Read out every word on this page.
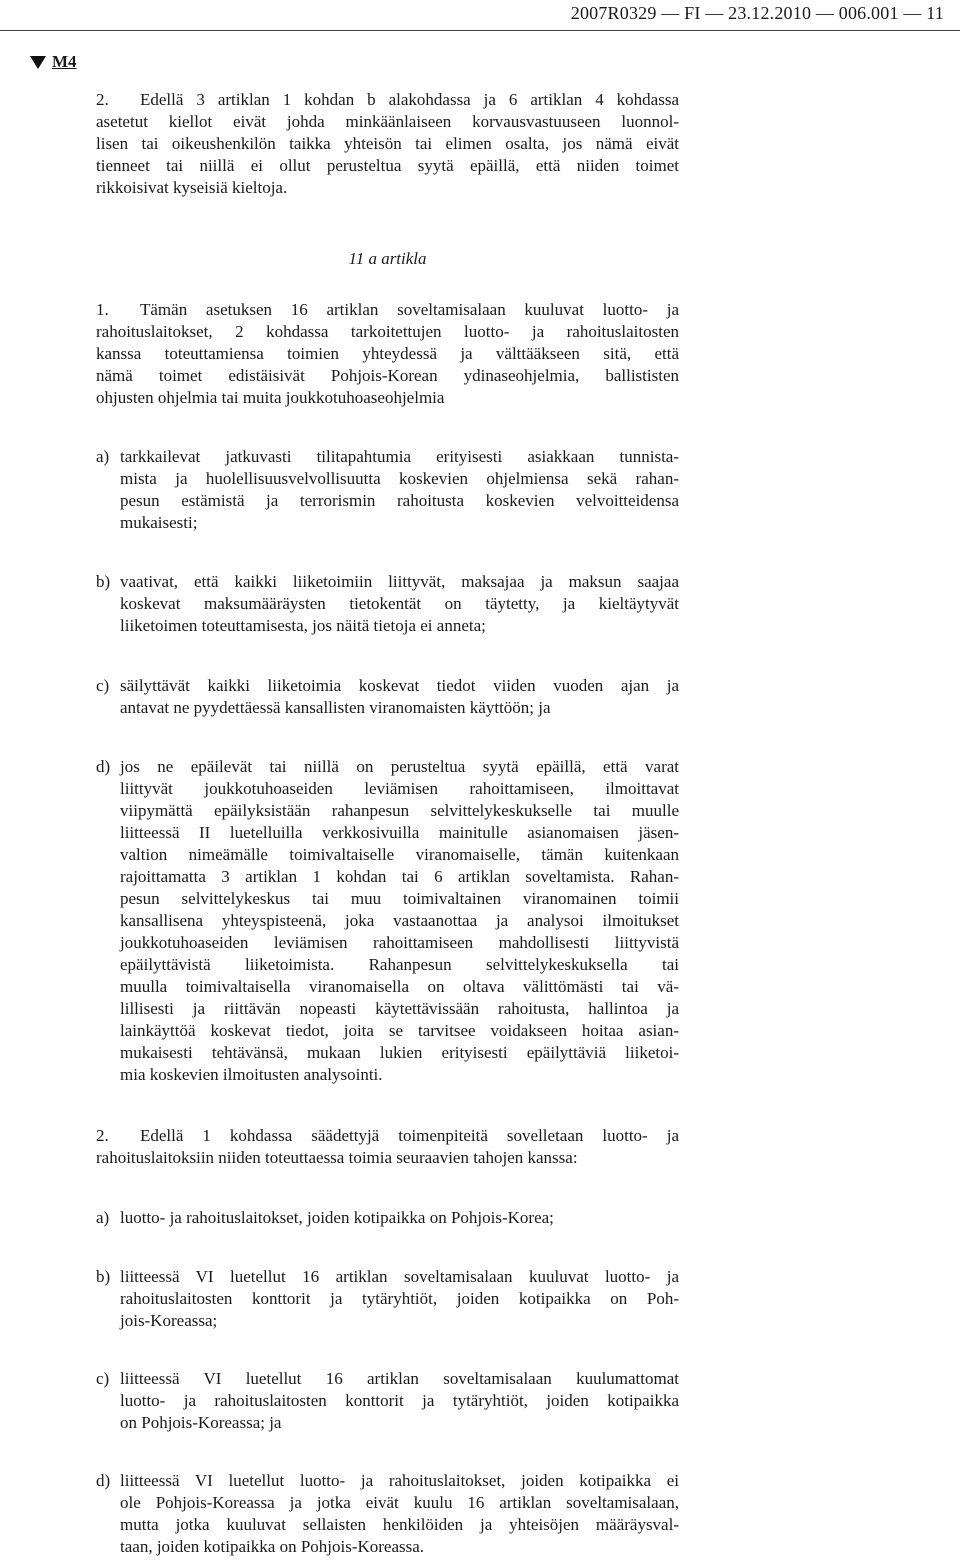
2007R0329 — FI — 23.12.2010 — 006.001 — 11
M4
2.	Edellä 3 artiklan 1 kohdan b alakohdassa ja 6 artiklan 4 kohdassa
asetetut kiellot eivät johda minkäänlaiseen korvausvastuuseen luonnol-
lisen tai oikeushenkilön taikka yhteisön tai elimen osalta, jos nämä eivät
tienneet tai niillä ei ollut perusteltua syytä epäillä, että niiden toimet
rikkoisivat kyseisiä kieltoja.
11 a artikla
1.	Tämän asetuksen 16 artiklan soveltamisalaan kuuluvat luotto- ja
rahoituslaitokset, 2 kohdassa tarkoitettujen luotto- ja rahoituslaitosten
kanssa toteuttamiensa toimien yhteydessä ja välttääkseen sitä, että
nämä toimet edistäisivät Pohjois-Korean ydinaseohjelmia, ballististen
ohjusten ohjelmia tai muita joukkotuhoaseohjelmia
a) tarkkailevat jatkuvasti tilitapahtumia erityisesti asiakkaan tunnista-
mista ja huolellisuusvelvollisuutta koskevien ohjelmiensa sekä rahan-
pesun estämistä ja terrorismin rahoitusta koskevien velvoitteidensa
mukaisesti;
b) vaativat, että kaikki liiketoimiin liittyvät, maksajaa ja maksun saajaa
koskevat maksumääräysten tietokentät on täytetty, ja kieltäytyvät
liiketoimen toteuttamisesta, jos näitä tietoja ei anneta;
c) säilyttävät kaikki liiketoimia koskevat tiedot viiden vuoden ajan ja
antavat ne pyydettäessä kansallisten viranomaisten käyttöön; ja
d) jos ne epäilevät tai niillä on perusteltua syytä epäillä, että varat
liittyvät joukkotuhoaseiden leviämisen rahoittamiseen, ilmoittavat
viipymättä epäilyksistään rahanpesun selvittelykeskukselle tai muulle
liitteessä II luetelluilla verkkosivuilla mainitulle asianomaisen jäsen-
valtion nimeämälle toimivaltaiselle viranomaiselle, tämän kuitenkaan
rajoittamatta 3 artiklan 1 kohdan tai 6 artiklan soveltamista. Rahan-
pesun selvittelykeskus tai muu toimivaltainen viranomainen toimii
kansallisena yhteyspisteenä, joka vastaanottaa ja analysoi ilmoitukset
joukkotuhoaseiden leviämisen rahoittamiseen mahdollisesti liittyvistä
epäilyttävistä liiketoimista. Rahanpesun selvittelykeskuksella tai
muulla toimivaltaisella viranomaisella on oltava välittömästi tai vä-
lillisesti ja riittävän nopeasti käytettävissään rahoitusta, hallintoa ja
lainkäyttöä koskevat tiedot, joita se tarvitsee voidakseen hoitaa asian-
mukaisesti tehtävänsä, mukaan lukien erityisesti epäilyttäviä liiketoi-
mia koskevien ilmoitusten analysointi.
2.	Edellä 1 kohdassa säädettyjä toimenpiteitä sovelletaan luotto- ja
rahoituslaitoksiin niiden toteuttaessa toimia seuraavien tahojen kanssa:
a) luotto- ja rahoituslaitokset, joiden kotipaikka on Pohjois-Korea;
b) liitteessä VI luetellut 16 artiklan soveltamisalaan kuuluvat luotto- ja
rahoituslaitosten konttorit ja tytäryhtiöt, joiden kotipaikka on Poh-
jois-Koreassa;
c) liitteessä VI luetellut 16 artiklan soveltamisalaan kuulumattomat
luotto- ja rahoituslaitosten konttorit ja tytäryhtiöt, joiden kotipaikka
on Pohjois-Koreassa; ja
d) liitteessä VI luetellut luotto- ja rahoituslaitokset, joiden kotipaikka ei
ole Pohjois-Koreassa ja jotka eivät kuulu 16 artiklan soveltamisalaan,
mutta jotka kuuluvat sellaisten henkilöiden ja yhteisöjen määräysval-
taan, joiden kotipaikka on Pohjois-Koreassa.
